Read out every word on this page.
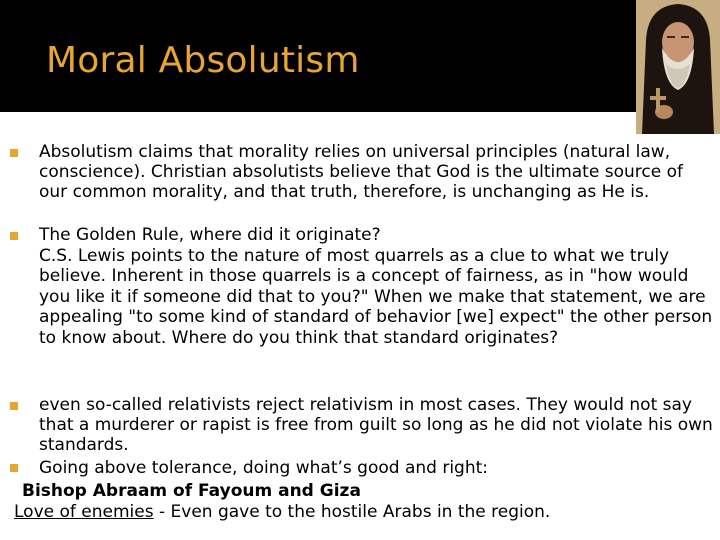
Moral Absolutism
Absolutism claims that morality relies on universal principles (natural law, conscience). Christian absolutists believe that God is the ultimate source of our common morality, and that truth, therefore, is unchanging as He is.
The Golden Rule, where did it originate?
C.S. Lewis points to the nature of most quarrels as a clue to what we truly believe. Inherent in those quarrels is a concept of fairness, as in "how would you like it if someone did that to you?" When we make that statement, we are appealing "to some kind of standard of behavior [we] expect" the other person to know about. Where do you think that standard originates?
even so-called relativists reject relativism in most cases. They would not say that a murderer or rapist is free from guilt so long as he did not violate his own standards.
Going above tolerance, doing what’s good and right:
Bishop Abraam of Fayoum and Giza
Love of enemies - Even gave to the hostile Arabs in the region.
